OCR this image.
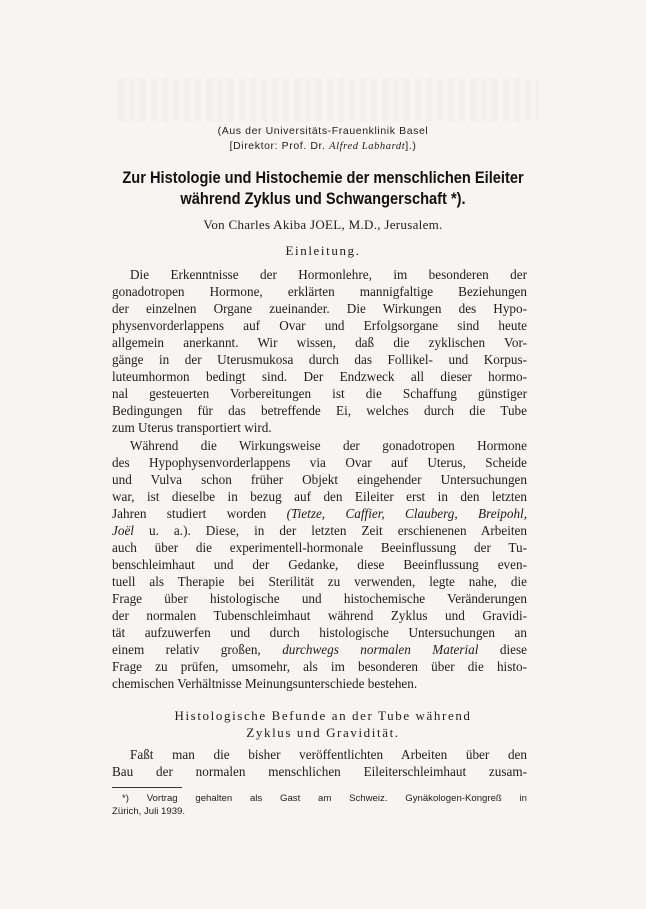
(Aus der Universitäts-Frauenklinik Basel
[Direktor: Prof. Dr. Alfred Labhardt].)
Zur Histologie und Histochemie der menschlichen Eileiter
während Zyklus und Schwangerschaft *).
Von Charles Akiba JOEL, M.D., Jerusalem.
Einleitung.
Die Erkenntnisse der Hormonlehre, im besonderen der
gonadotropen Hormone, erklärten mannigfaltige Beziehungen
der einzelnen Organe zueinander. Die Wirkungen des Hypo-
physenvorderlappens auf Ovar und Erfolgsorgane sind heute
allgemein anerkannt. Wir wissen, daß die zyklischen Vor-
gänge in der Uterusmukosa durch das Follikel- und Korpus-
luteumhormon bedingt sind. Der Endzweck all dieser hormo-
nal gesteuerten Vorbereitungen ist die Schaffung günstiger
Bedingungen für das betreffende Ei, welches durch die Tube
zum Uterus transportiert wird.
Während die Wirkungsweise der gonadotropen Hormone
des Hypophysenvorderlappens via Ovar auf Uterus, Scheide
und Vulva schon früher Objekt eingehender Untersuchungen
war, ist dieselbe in bezug auf den Eileiter erst in den letzten
Jahren studiert worden (Tietze, Caffier, Clauberg, Breipohl,
Joël u. a.). Diese, in der letzten Zeit erschienenen Arbeiten
auch über die experimentell-hormonale Beeinflussung der Tu-
benschleimhaut und der Gedanke, diese Beeinflussung even-
tuell als Therapie bei Sterilität zu verwenden, legte nahe, die
Frage über histologische und histochemische Veränderungen
der normalen Tubenschleimhaut während Zyklus und Gravidi-
tät aufzuwerfen und durch histologische Untersuchungen an
einem relativ großen, durchwegs normalen Material diese
Frage zu prüfen, umsomehr, als im besonderen über die histo-
chemischen Verhältnisse Meinungsunterschiede bestehen.
Histologische Befunde an der Tube während
Zyklus und Gravidität.
Faßt man die bisher veröffentlichten Arbeiten über den
Bau der normalen menschlichen Eileiterschleimhaut zusam-
*) Vortrag gehalten als Gast am Schweiz. Gynäkologen-Kongreß in
Zürich, Juli 1939.
